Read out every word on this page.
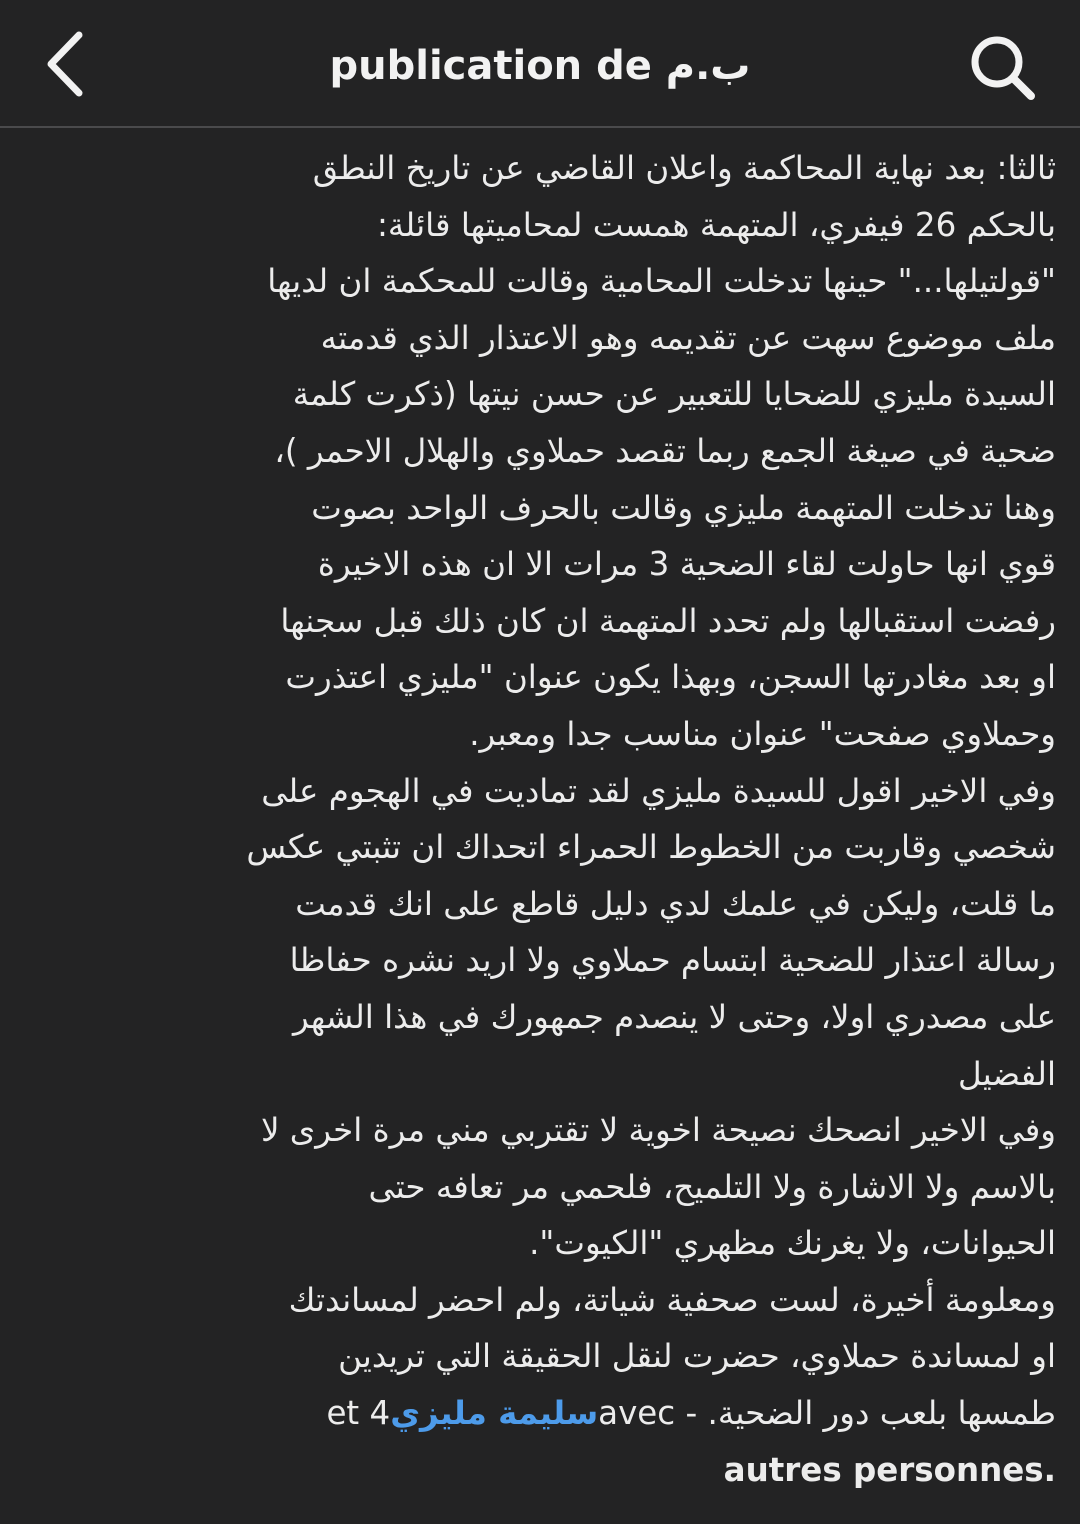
publication de ب.م
ثالثا: بعد نهاية المحاكمة واعلان القاضي عن تاريخ النطق
بالحكم 26 فيفري، المتهمة همست لمحاميتها قائلة:
"قولتيلها..." حينها تدخلت المحامية وقالت للمحكمة ان لديها
ملف موضوع سهت عن تقديمه وهو الاعتذار الذي قدمته
السيدة مليزي للضحايا للتعبير عن حسن نيتها (ذكرت كلمة
ضحية في صيغة الجمع ربما تقصد حملاوي والهلال الاحمر )،
وهنا تدخلت المتهمة مليزي وقالت بالحرف الواحد بصوت
قوي انها حاولت لقاء الضحية 3 مرات الا ان هذه الاخيرة
رفضت استقبالها ولم تحدد المتهمة ان كان ذلك قبل سجنها
او بعد مغادرتها السجن، وبهذا يكون عنوان "مليزي اعتذرت
وحملاوي صفحت" عنوان مناسب جدا ومعبر.
وفي الاخير اقول للسيدة مليزي لقد تماديت في الهجوم على
شخصي وقاربت من الخطوط الحمراء اتحداك ان تثبتي عكس
ما قلت، وليكن في علمك لدي دليل قاطع على انك قدمت
رسالة اعتذار للضحية ابتسام حملاوي ولا اريد نشره حفاظا
على مصدري اولا، وحتى لا ينصدم جمهورك في هذا الشهر
الفضيل
وفي الاخير انصحك نصيحة اخوية لا تقتربي مني مرة اخرى لا
بالاسم ولا الاشارة ولا التلميح، فلحمي مر تعافه حتى
الحيوانات، ولا يغرنك مظهري "الكيوت".
ومعلومة أخيرة، لست صحفية شياتة، ولم احضر لمساندتك
او لمساندة حملاوي، حضرت لنقل الحقيقة التي تريدين
طمسها بلعب دور الضحية. - avecسليمة مليزيet 4
autres personnes.
